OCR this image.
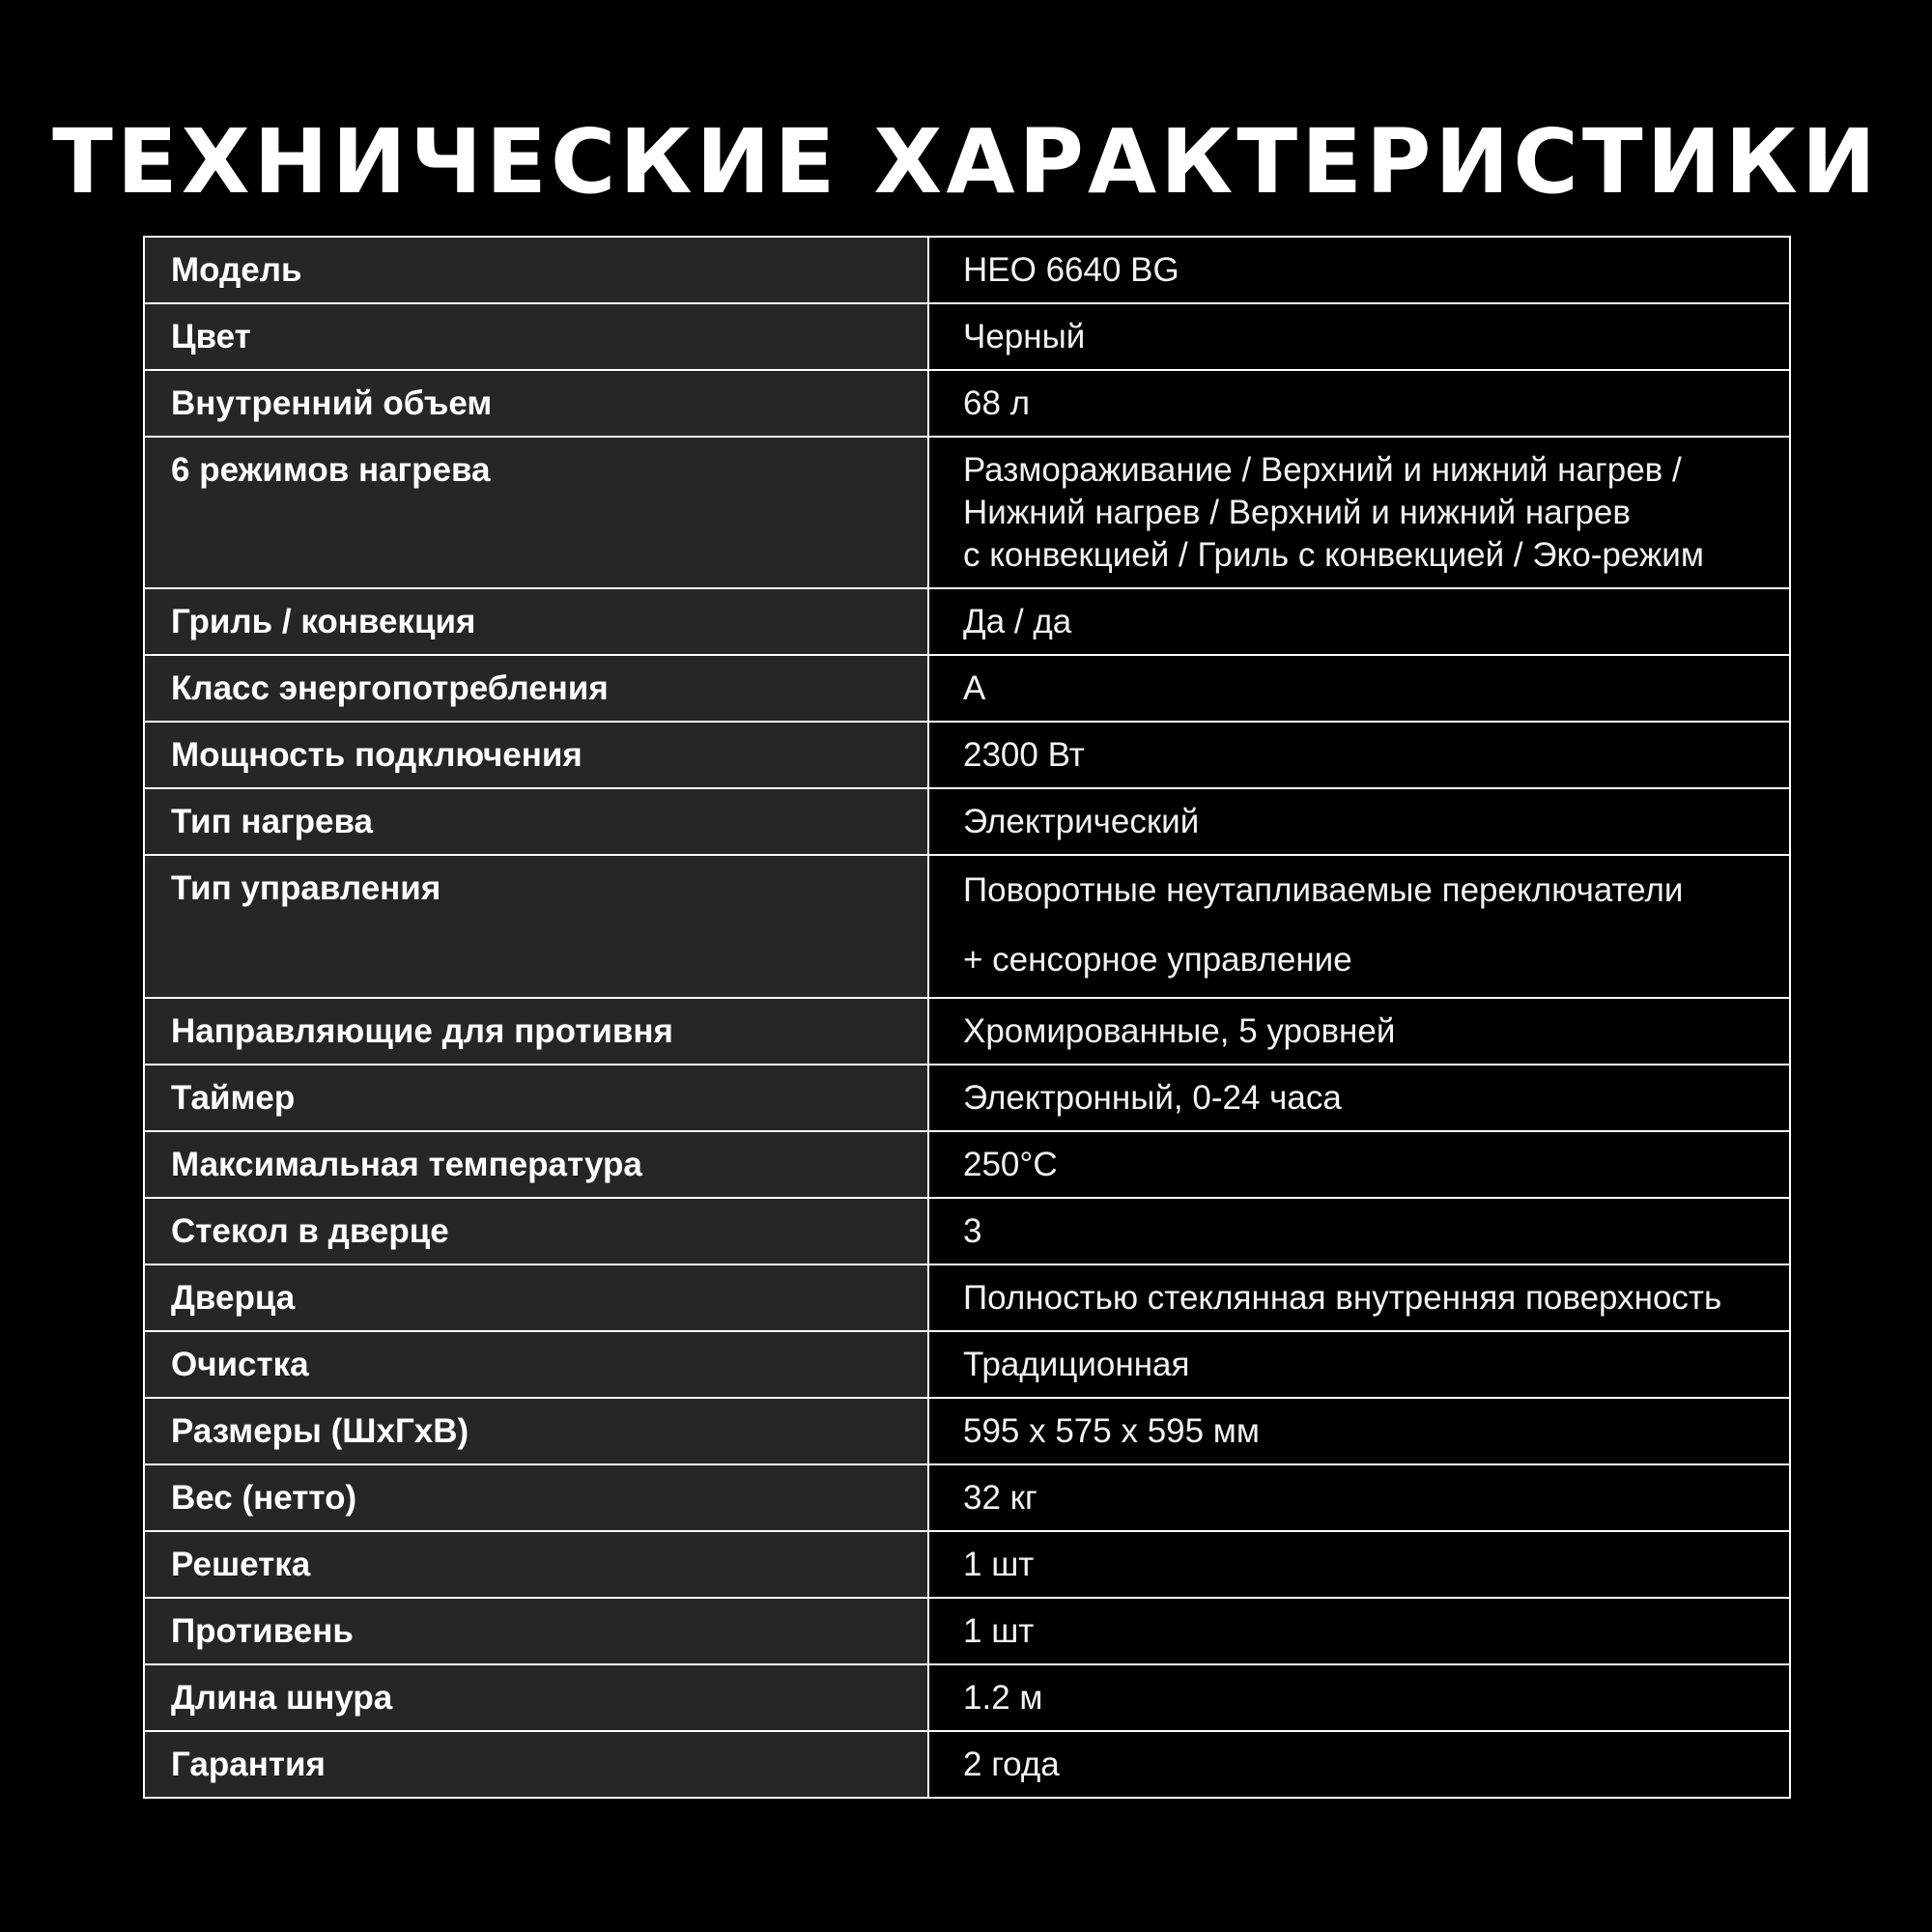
ТЕХНИЧЕСКИЕ ХАРАКТЕРИСТИКИ
Модель	HEO 6640 BG

Цвет	Черный

Внутренний объем	68 л

6 режимов нагрева	Размораживание / Верхний и нижний нагрев /
Нижний нагрев / Верхний и нижний нагрев
с конвекцией / Гриль с конвекцией / Эко-режим

Гриль / конвекция	Да / да

Класс энергопотребления	A

Мощность подключения	2300 Вт

Тип нагрева	Электрический

Тип управления	Поворотные неутапливаемые переключатели
+ сенсорное управление

Направляющие для противня	Хромированные, 5 уровней

Таймер	Электронный, 0-24 часа

Максимальная температура	250°C

Стекол в дверце	3

Дверца	Полностью стеклянная внутренняя поверхность

Очистка	Традиционная

Размеры (ШхГхВ)	595 х 575 х 595 мм

Вес (нетто)	32 кг

Решетка	1 шт

Противень	1 шт

Длина шнура	1.2 м

Гарантия	2 года
